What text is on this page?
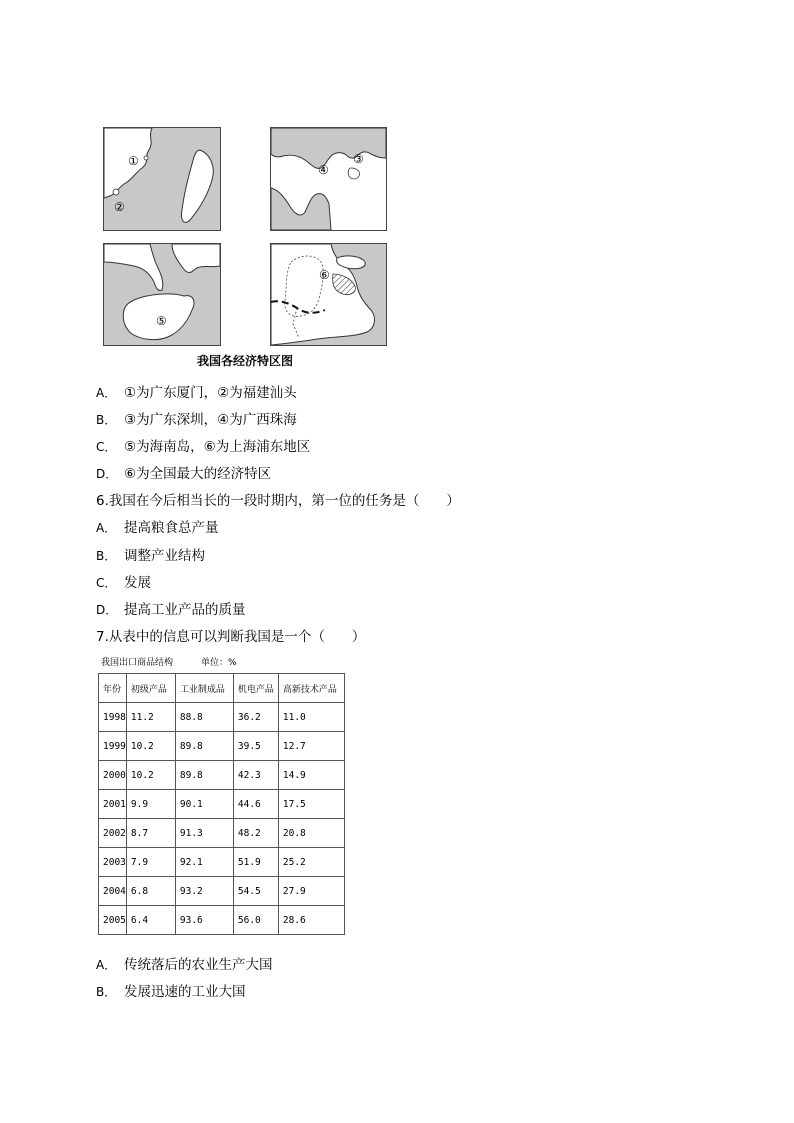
①
②
④
③
⑤
⑥
我国各经济特区图
A． ①为广东厦门，②为福建汕头
B． ③为广东深圳，④为广西珠海
C． ⑤为海南岛，⑥为上海浦东地区
D． ⑥为全国最大的经济特区
6.我国在今后相当长的一段时期内，第一位的任务是（　　）
A． 提高粮食总产量
B． 调整产业结构
C． 发展
D． 提高工业产品的质量
7.从表中的信息可以判断我国是一个（　　）
我国出口商品结构	单位：%
年份	初级产品	工业制成品	机电产品	高新技术产品
1998	11.2	88.8	36.2	11.0
1999	10.2	89.8	39.5	12.7
2000	10.2	89.8	42.3	14.9
2001	9.9	90.1	44.6	17.5
2002	8.7	91.3	48.2	20.8
2003	7.9	92.1	51.9	25.2
2004	6.8	93.2	54.5	27.9
2005	6.4	93.6	56.0	28.6
A． 传统落后的农业生产大国
B． 发展迅速的工业大国
